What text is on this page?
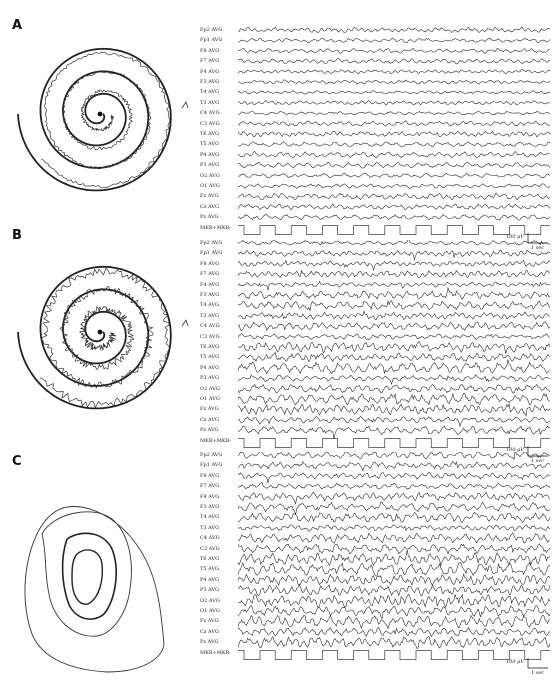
A	Fp2 AVG
Fp1 AVG
F8 AVG
F7 AVG
F4 AVG
F3 AVG
T4 AVG
T3 AVG
C4 AVG
C3 AVG
T6 AVG
T5 AVG
P4 AVG
P3 AVG
O2 AVG
O1 AVG
Fz AVG
Cz AVG
Pz AVG
MKR+MKR-
100 μV
1 sec
B	Fp2 AVG
Fp1 AVG
F8 AVG
F7 AVG
F4 AVG
F3 AVG
T4 AVG
T3 AVG
C4 AVG
C3 AVG
T6 AVG
T5 AVG
P4 AVG
P3 AVG
O2 AVG
O1 AVG
Fz AVG
Cz AVG
Pz AVG
MKR+MKR-
100 μV
1 sec
C	Fp2 AVG
Fp1 AVG
F8 AVG
F7 AVG
F4 AVG
F3 AVG
T4 AVG
T3 AVG
C4 AVG
C3 AVG
T6 AVG
T5 AVG
P4 AVG
P3 AVG
O2 AVG
O1 AVG
Fz AVG
Cz AVG
Pz AVG
MKR+MKR-
100 μV
1 sec
